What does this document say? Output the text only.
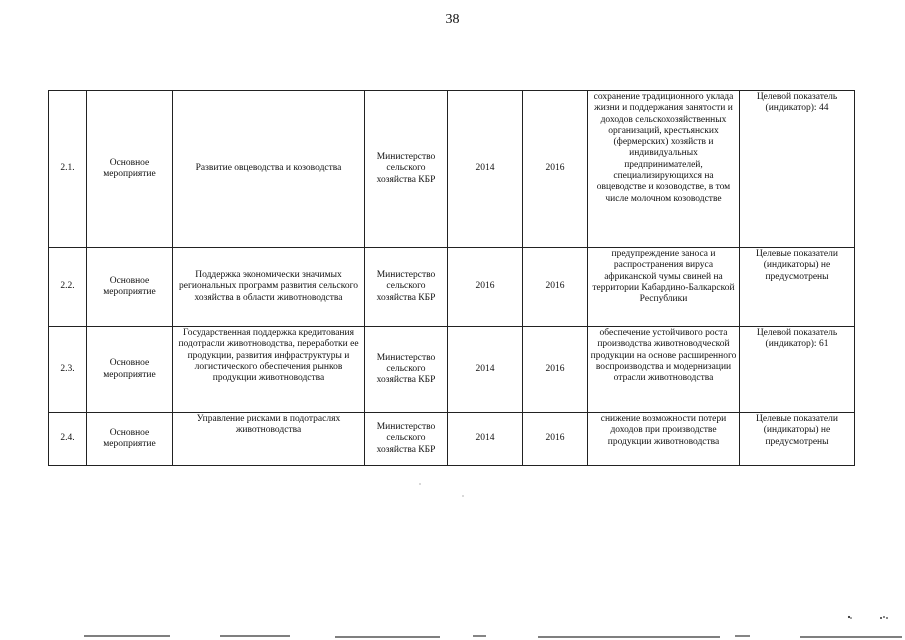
38
2.1.	Основное мероприятие	Развитие овцеводства и козоводства	Министерство сельского хозяйства КБР	2014	2016	сохранение традиционного уклада жизни и поддержания занятости и доходов сельскохозяйственных организаций, крестьянских (фермерских) хозяйств и индивидуальных предпринимателей, специализирующихся на овцеводстве и козоводстве, в том числе молочном козоводстве	Целевой показатель (индикатор): 44
2.2.	Основное мероприятие	Поддержка экономически значимых региональных программ развития сельского хозяйства в области животноводства	Министерство сельского хозяйства КБР	2016	2016	предупреждение заноса и распространения вируса африканской чумы свиней на территории Кабардино-Балкарской Республики	Целевые показатели (индикаторы) не предусмотрены
2.3.	Основное мероприятие	Государственная поддержка кредитования подотрасли животноводства, переработки ее продукции, развития инфраструктуры и логистического обеспечения рынков продукции животноводства	Министерство сельского хозяйства КБР	2014	2016	обеспечение устойчивого роста производства животноводческой продукции на основе расширенного воспроизводства и модернизации отрасли животноводства	Целевой показатель (индикатор): 61
2.4.	Основное мероприятие	Управление рисками в подотраслях животноводства	Министерство сельского хозяйства КБР	2014	2016	снижение возможности потери доходов при производстве продукции животноводства	Целевые показатели (индикаторы) не предусмотрены
